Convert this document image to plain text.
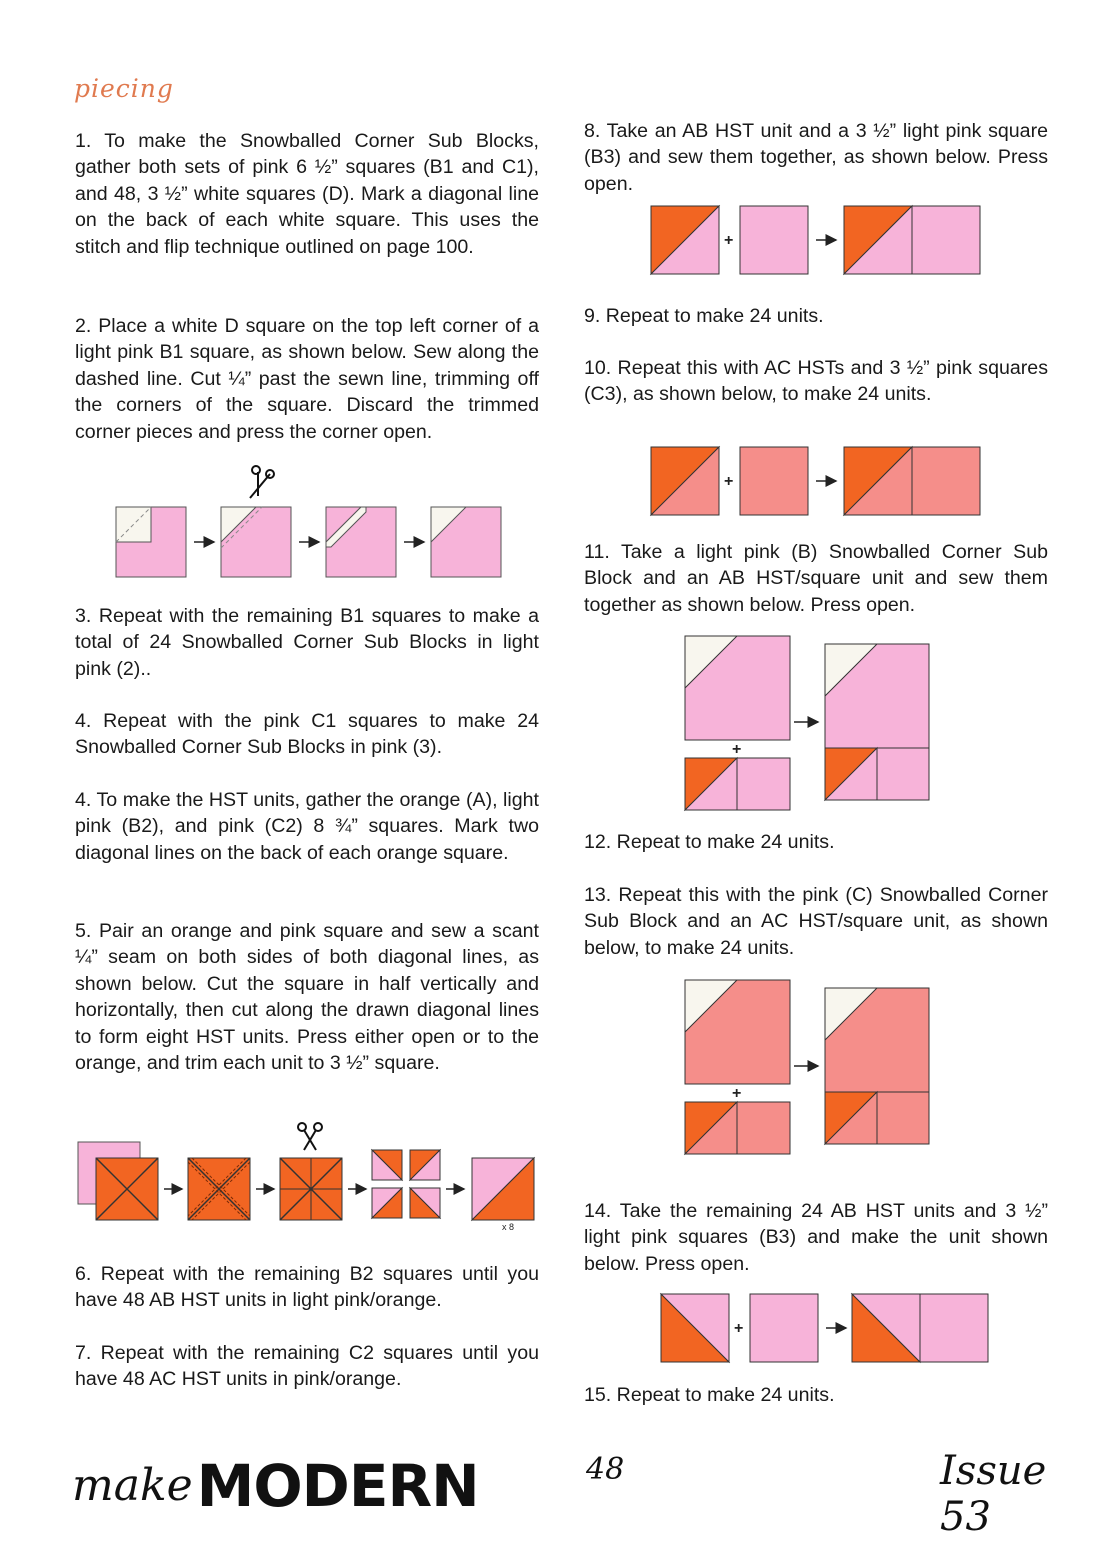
piecing

1. To make the Snowballed Corner Sub Blocks, gather both sets of pink 6 ½” squares (B1 and C1), and 48, 3 ½” white squares (D). Mark a diagonal line on the back of each white square. This uses the stitch and flip technique outlined on page 100.

2. Place a white D square on the top left corner of a light pink B1 square, as shown below. Sew along the dashed line. Cut ¼” past the sewn line, trimming off the corners of the square. Discard the trimmed corner pieces and press the corner open.

3. Repeat with the remaining B1 squares to make a total of 24 Snowballed Corner Sub Blocks in light pink (2)..

4. Repeat with the pink C1 squares to make 24 Snowballed Corner Sub Blocks in pink (3).

4. To make the HST units, gather the orange (A), light pink (B2), and pink (C2) 8 ¾” squares. Mark two diagonal lines on the back of each orange square.

5. Pair an orange and pink square and sew a scant ¼” seam on both sides of both diagonal lines, as shown below. Cut the square in half vertically and horizontally, then cut along the drawn diagonal lines to form eight HST units. Press either open or to the orange, and trim each unit to 3 ½” square.

6. Repeat with the remaining B2 squares until you have 48 AB HST units in light pink/orange.

7. Repeat with the remaining C2 squares until you have 48 AC HST units in pink/orange.

x 8

8. Take an AB HST unit and a 3 ½” light pink square (B3) and sew them together, as shown below. Press open.

9. Repeat to make 24 units.

10. Repeat this with AC HSTs and 3 ½” pink squares (C3), as shown below, to make 24 units.

11. Take a light pink (B) Snowballed Corner Sub Block and an AB HST/square unit and sew them together as shown below. Press open.

12. Repeat to make 24 units.

13. Repeat this with the pink (C) Snowballed Corner Sub Block and an AC HST/square unit, as shown below, to make 24 units.

14. Take the remaining 24 AB HST units and 3 ½” light pink squares (B3) and make the unit shown below. Press open.

15. Repeat to make 24 units.

+
+
+
+
+
make MODERN	48	Issue 53
